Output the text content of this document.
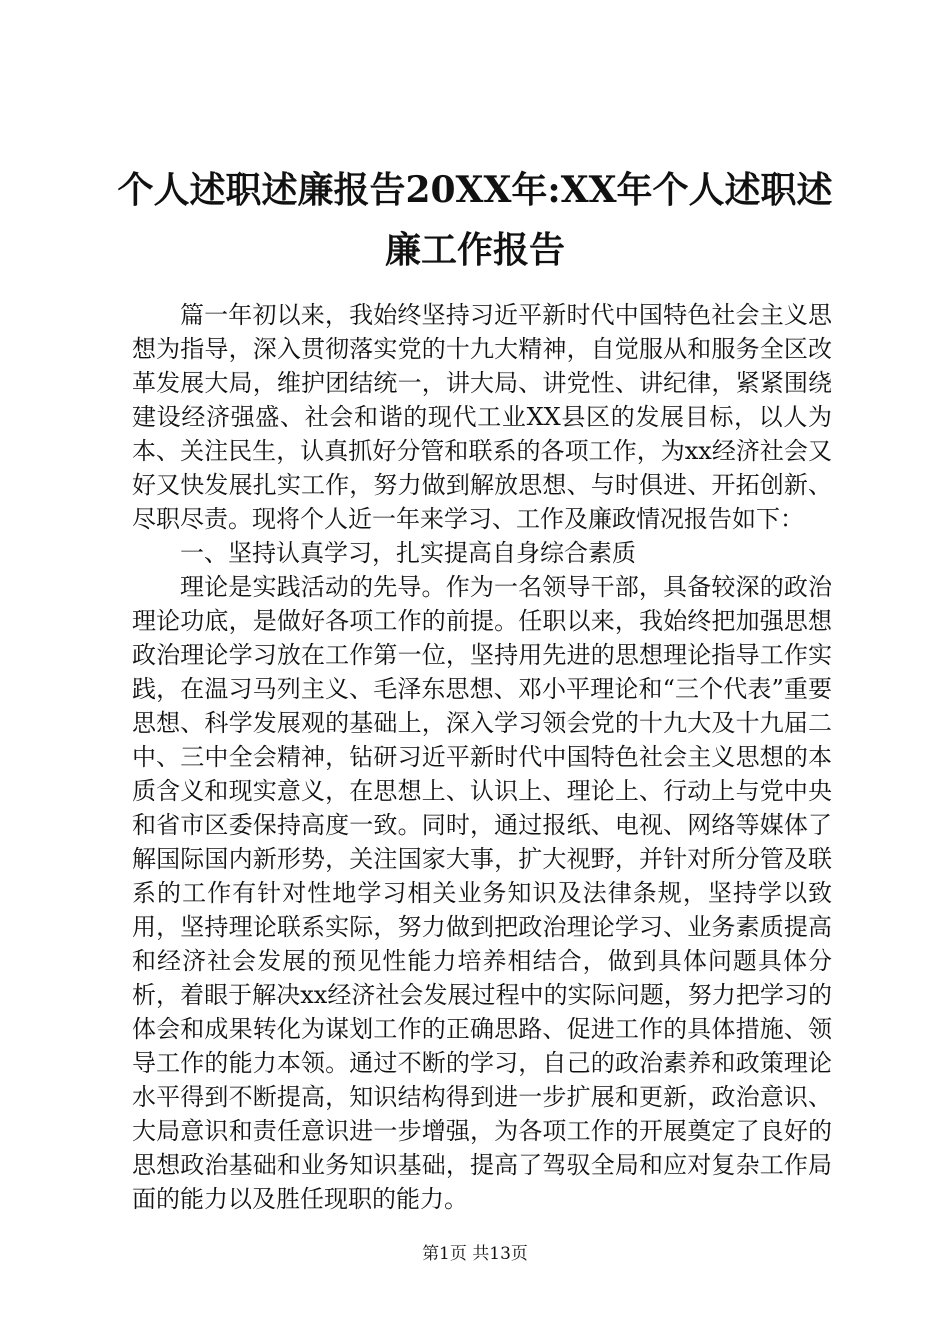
个人述职述廉报告20XX年:XX年个人述职述廉工作报告

篇一年初以来，我始终坚持习近平新时代中国特色社会主义思想为指导，深入贯彻落实党的十九大精神，自觉服从和服务全区改革发展大局，维护团结统一，讲大局、讲党性、讲纪律，紧紧围绕建设经济强盛、社会和谐的现代工业XX县区的发展目标，以人为本、关注民生，认真抓好分管和联系的各项工作，为xx经济社会又好又快发展扎实工作，努力做到解放思想、与时俱进、开拓创新、尽职尽责。现将个人近一年来学习、工作及廉政情况报告如下：

一、坚持认真学习，扎实提高自身综合素质

理论是实践活动的先导。作为一名领导干部，具备较深的政治理论功底，是做好各项工作的前提。任职以来，我始终把加强思想政治理论学习放在工作第一位，坚持用先进的思想理论指导工作实践，在温习马列主义、毛泽东思想、邓小平理论和“三个代表”重要思想、科学发展观的基础上，深入学习领会党的十九大及十九届二中、三中全会精神，钻研习近平新时代中国特色社会主义思想的本质含义和现实意义，在思想上、认识上、理论上、行动上与党中央和省市区委保持高度一致。同时，通过报纸、电视、网络等媒体了解国际国内新形势，关注国家大事，扩大视野，并针对所分管及联系的工作有针对性地学习相关业务知识及法律条规，坚持学以致用，坚持理论联系实际，努力做到把政治理论学习、业务素质提高和经济社会发展的预见性能力培养相结合，做到具体问题具体分析，着眼于解决xx经济社会发展过程中的实际问题，努力把学习的体会和成果转化为谋划工作的正确思路、促进工作的具体措施、领导工作的能力本领。通过不断的学习，自己的政治素养和政策理论水平得到不断提高，知识结构得到进一步扩展和更新，政治意识、大局意识和责任意识进一步增强，为各项工作的开展奠定了良好的思想政治基础和业务知识基础，提高了驾驭全局和应对复杂工作局面的能力以及胜任现职的能力。

第1页 共13页
